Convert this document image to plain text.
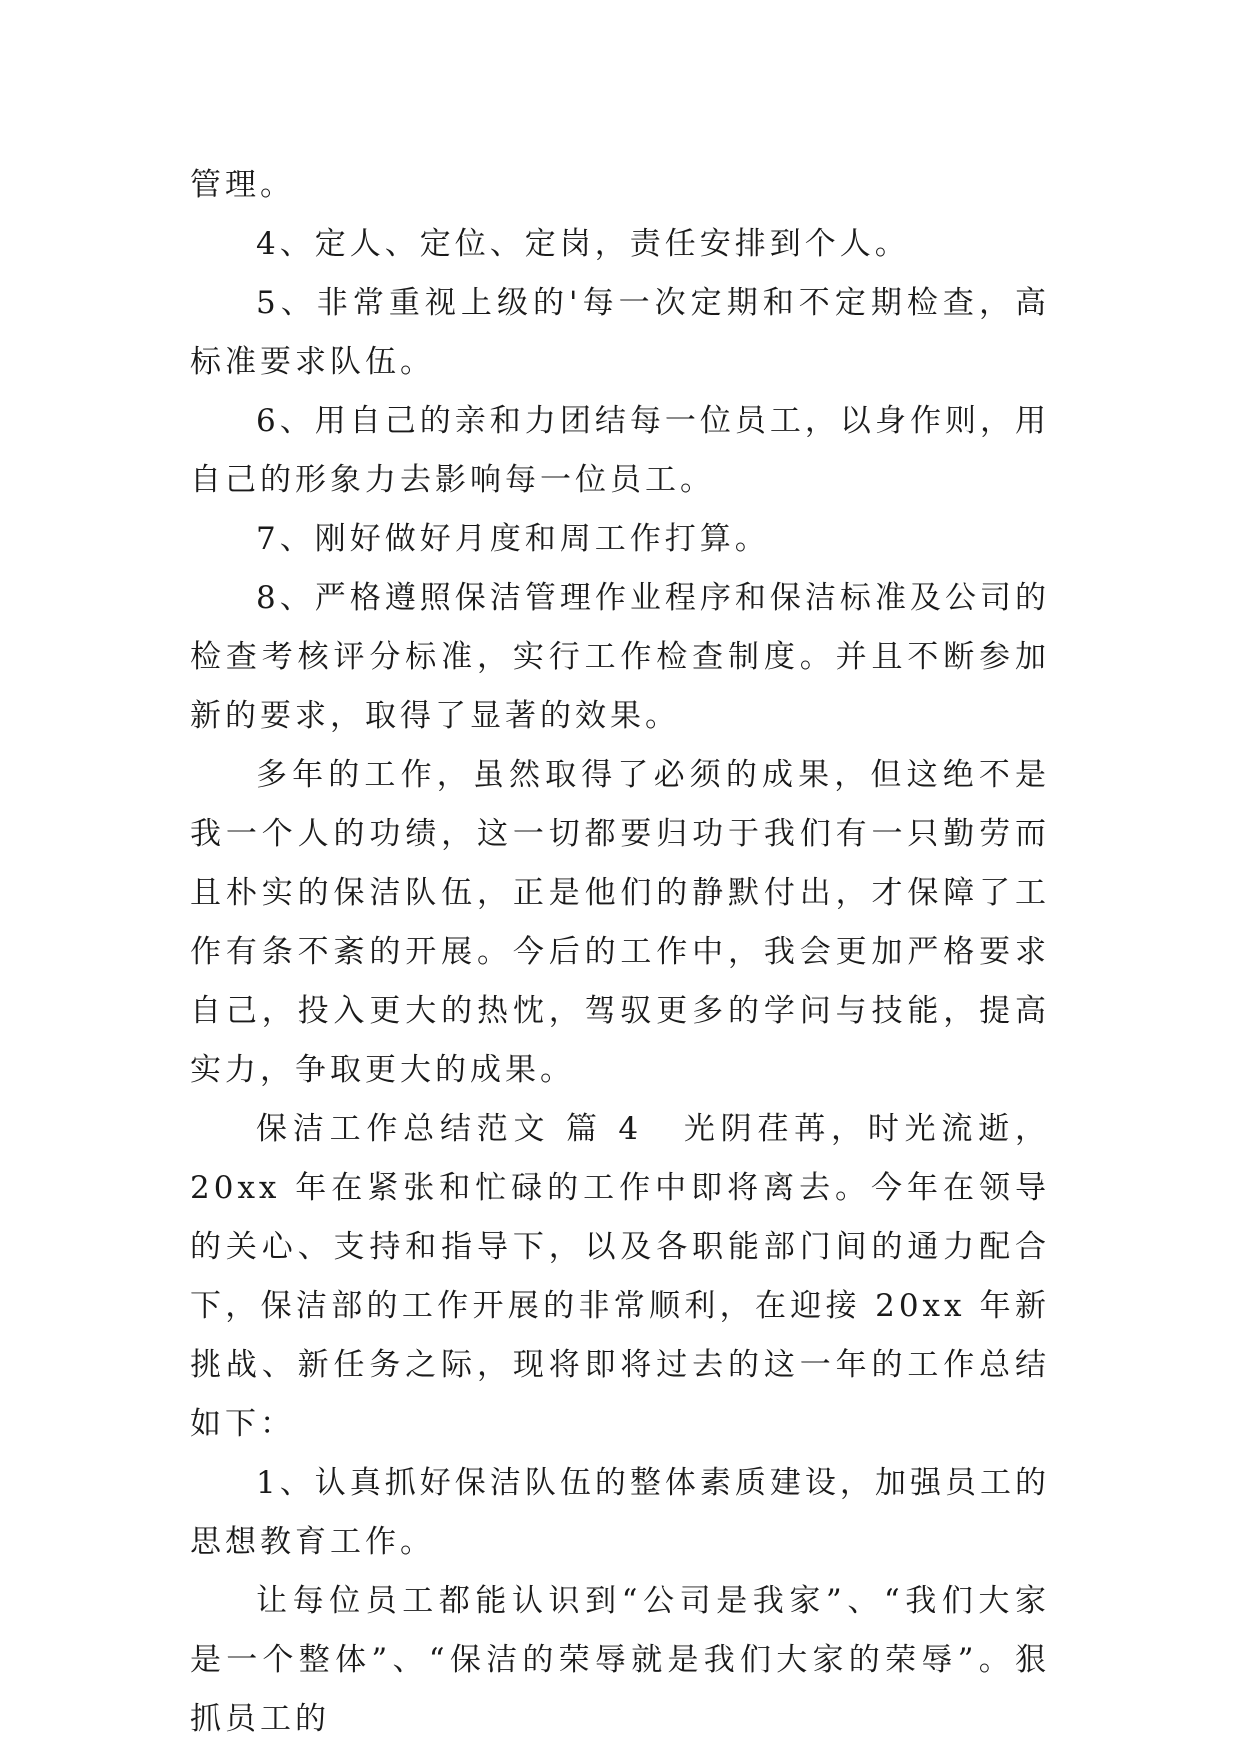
管理。

4、定人、定位、定岗，责任安排到个人。

5、非常重视上级的'每一次定期和不定期检查，高标准要求队伍。

6、用自己的亲和力团结每一位员工，以身作则，用自己的形象力去影响每一位员工。

7、刚好做好月度和周工作打算。

8、严格遵照保洁管理作业程序和保洁标准及公司的检查考核评分标准，实行工作检查制度。并且不断参加新的要求，取得了显著的效果。

多年的工作，虽然取得了必须的成果，但这绝不是我一个人的功绩，这一切都要归功于我们有一只勤劳而且朴实的保洁队伍，正是他们的静默付出，才保障了工作有条不紊的开展。今后的工作中，我会更加严格要求自己，投入更大的热忱，驾驭更多的学问与技能，提高实力，争取更大的成果。

保洁工作总结范文 篇 4 光阴荏苒，时光流逝，20xx 年在紧张和忙碌的工作中即将离去。今年在领导的关心、支持和指导下，以及各职能部门间的通力配合下，保洁部的工作开展的非常顺利，在迎接 20xx 年新挑战、新任务之际，现将即将过去的这一年的工作总结如下：

1、认真抓好保洁队伍的整体素质建设，加强员工的思想教育工作。

让每位员工都能认识到“公司是我家”、“我们大家是一个整体”、“保洁的荣辱就是我们大家的荣辱”。狠抓员工的
